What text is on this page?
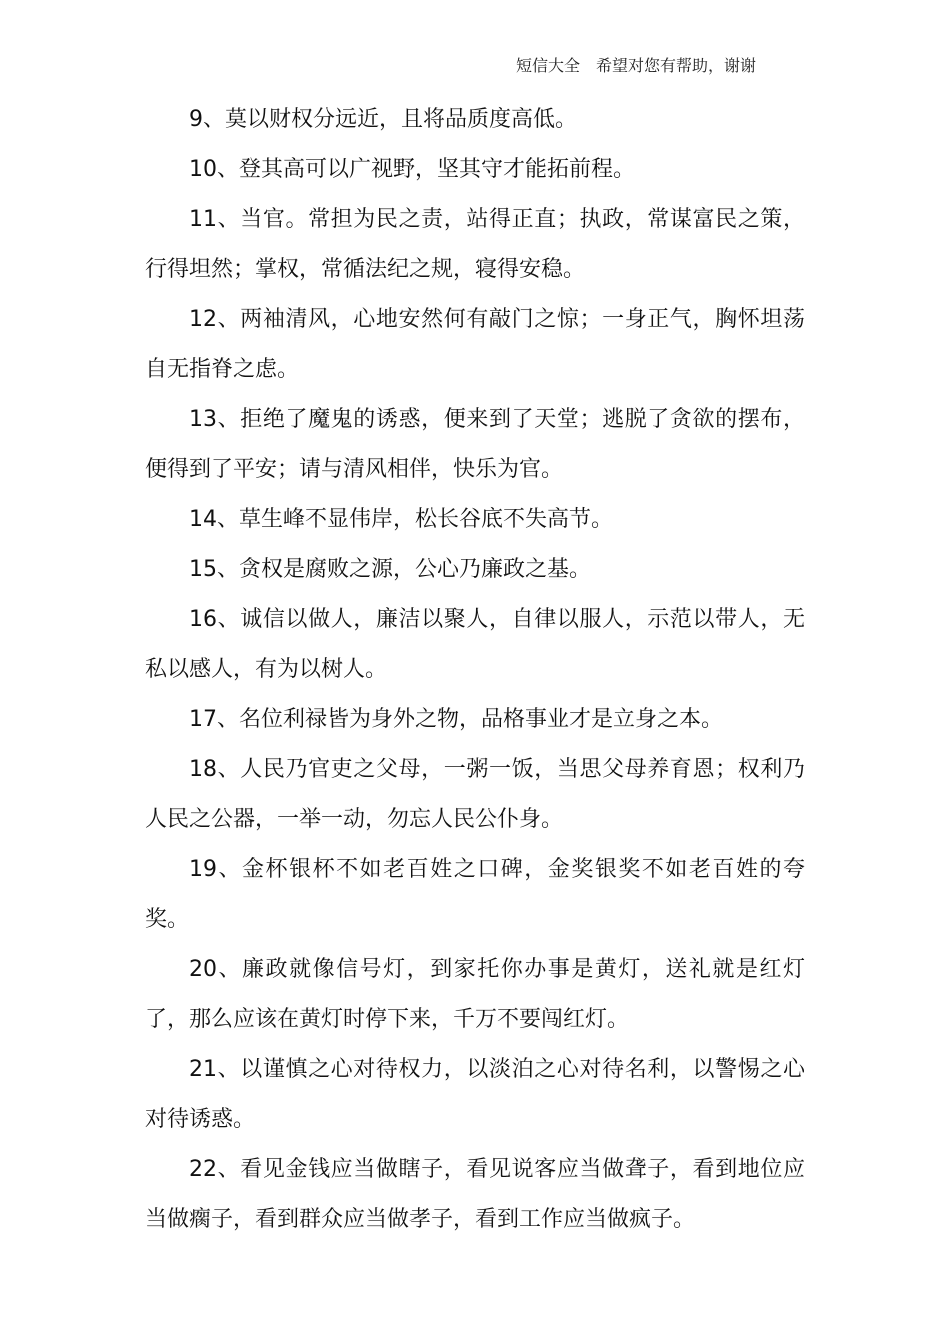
短信大全　希望对您有帮助，谢谢

9、莫以财权分远近，且将品质度高低。

10、登其高可以广视野，坚其守才能拓前程。

11、当官。常担为民之责，站得正直；执政，常谋富民之策，行得坦然；掌权，常循法纪之规，寝得安稳。

12、两袖清风，心地安然何有敲门之惊；一身正气，胸怀坦荡自无指脊之虑。

13、拒绝了魔鬼的诱惑，便来到了天堂；逃脱了贪欲的摆布，便得到了平安；请与清风相伴，快乐为官。

14、草生峰不显伟岸，松长谷底不失高节。

15、贪权是腐败之源，公心乃廉政之基。

16、诚信以做人，廉洁以聚人，自律以服人，示范以带人，无私以感人，有为以树人。

17、名位利禄皆为身外之物，品格事业才是立身之本。

18、人民乃官吏之父母，一粥一饭，当思父母养育恩；权利乃人民之公器，一举一动，勿忘人民公仆身。

19、金杯银杯不如老百姓之口碑，金奖银奖不如老百姓的夸奖。

20、廉政就像信号灯，到家托你办事是黄灯，送礼就是红灯了，那么应该在黄灯时停下来，千万不要闯红灯。

21、以谨慎之心对待权力，以淡泊之心对待名利，以警惕之心对待诱惑。

22、看见金钱应当做瞎子，看见说客应当做聋子，看到地位应当做瘸子，看到群众应当做孝子，看到工作应当做疯子。
